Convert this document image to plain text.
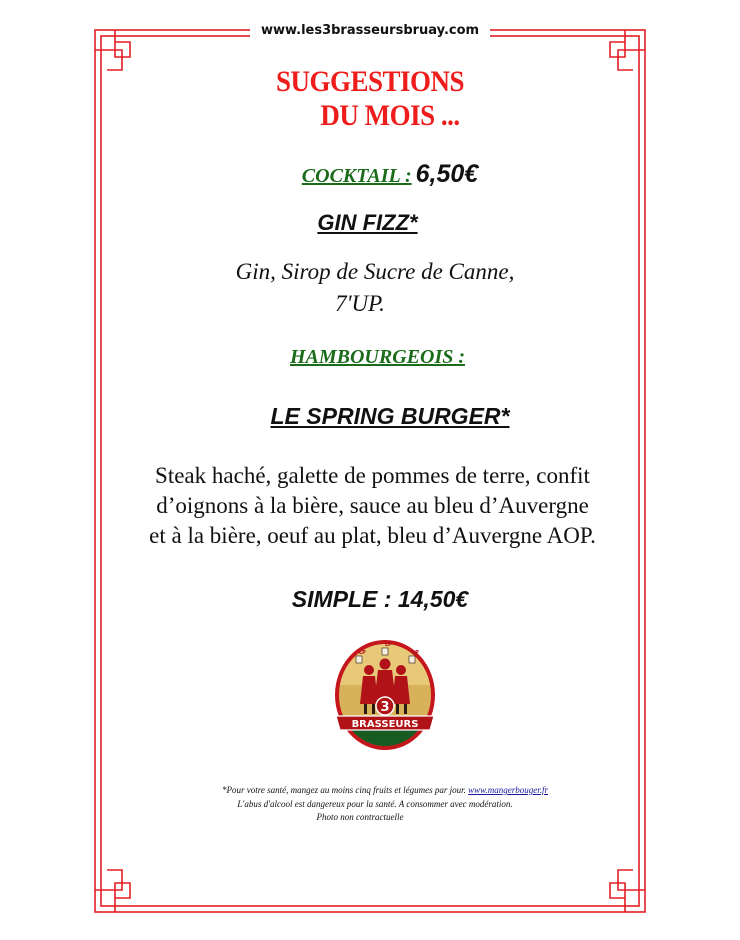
www.les3brasseursbruay.com
SUGGESTIONS
DU MOIS ...
COCKTAIL : 6,50€
GIN FIZZ*
Gin, Sirop de Sucre de Canne,
7'UP.
HAMBOURGEOIS :
LE SPRING BURGER*
Steak haché, galette de pommes de terre, confit
d’oignons à la bière, sauce au bleu d’Auvergne
et à la bière, oeuf au plat, bleu d’Auvergne AOP.
SIMPLE : 14,50€
LP
LP
LP
3
BRASSEURS
*Pour votre santé, mangez au moins cinq fruits et légumes par jour. www.mangerbouger.fr
L'abus d'alcool est dangereux pour la santé. A consommer avec modération.
Photo non contractuelle
